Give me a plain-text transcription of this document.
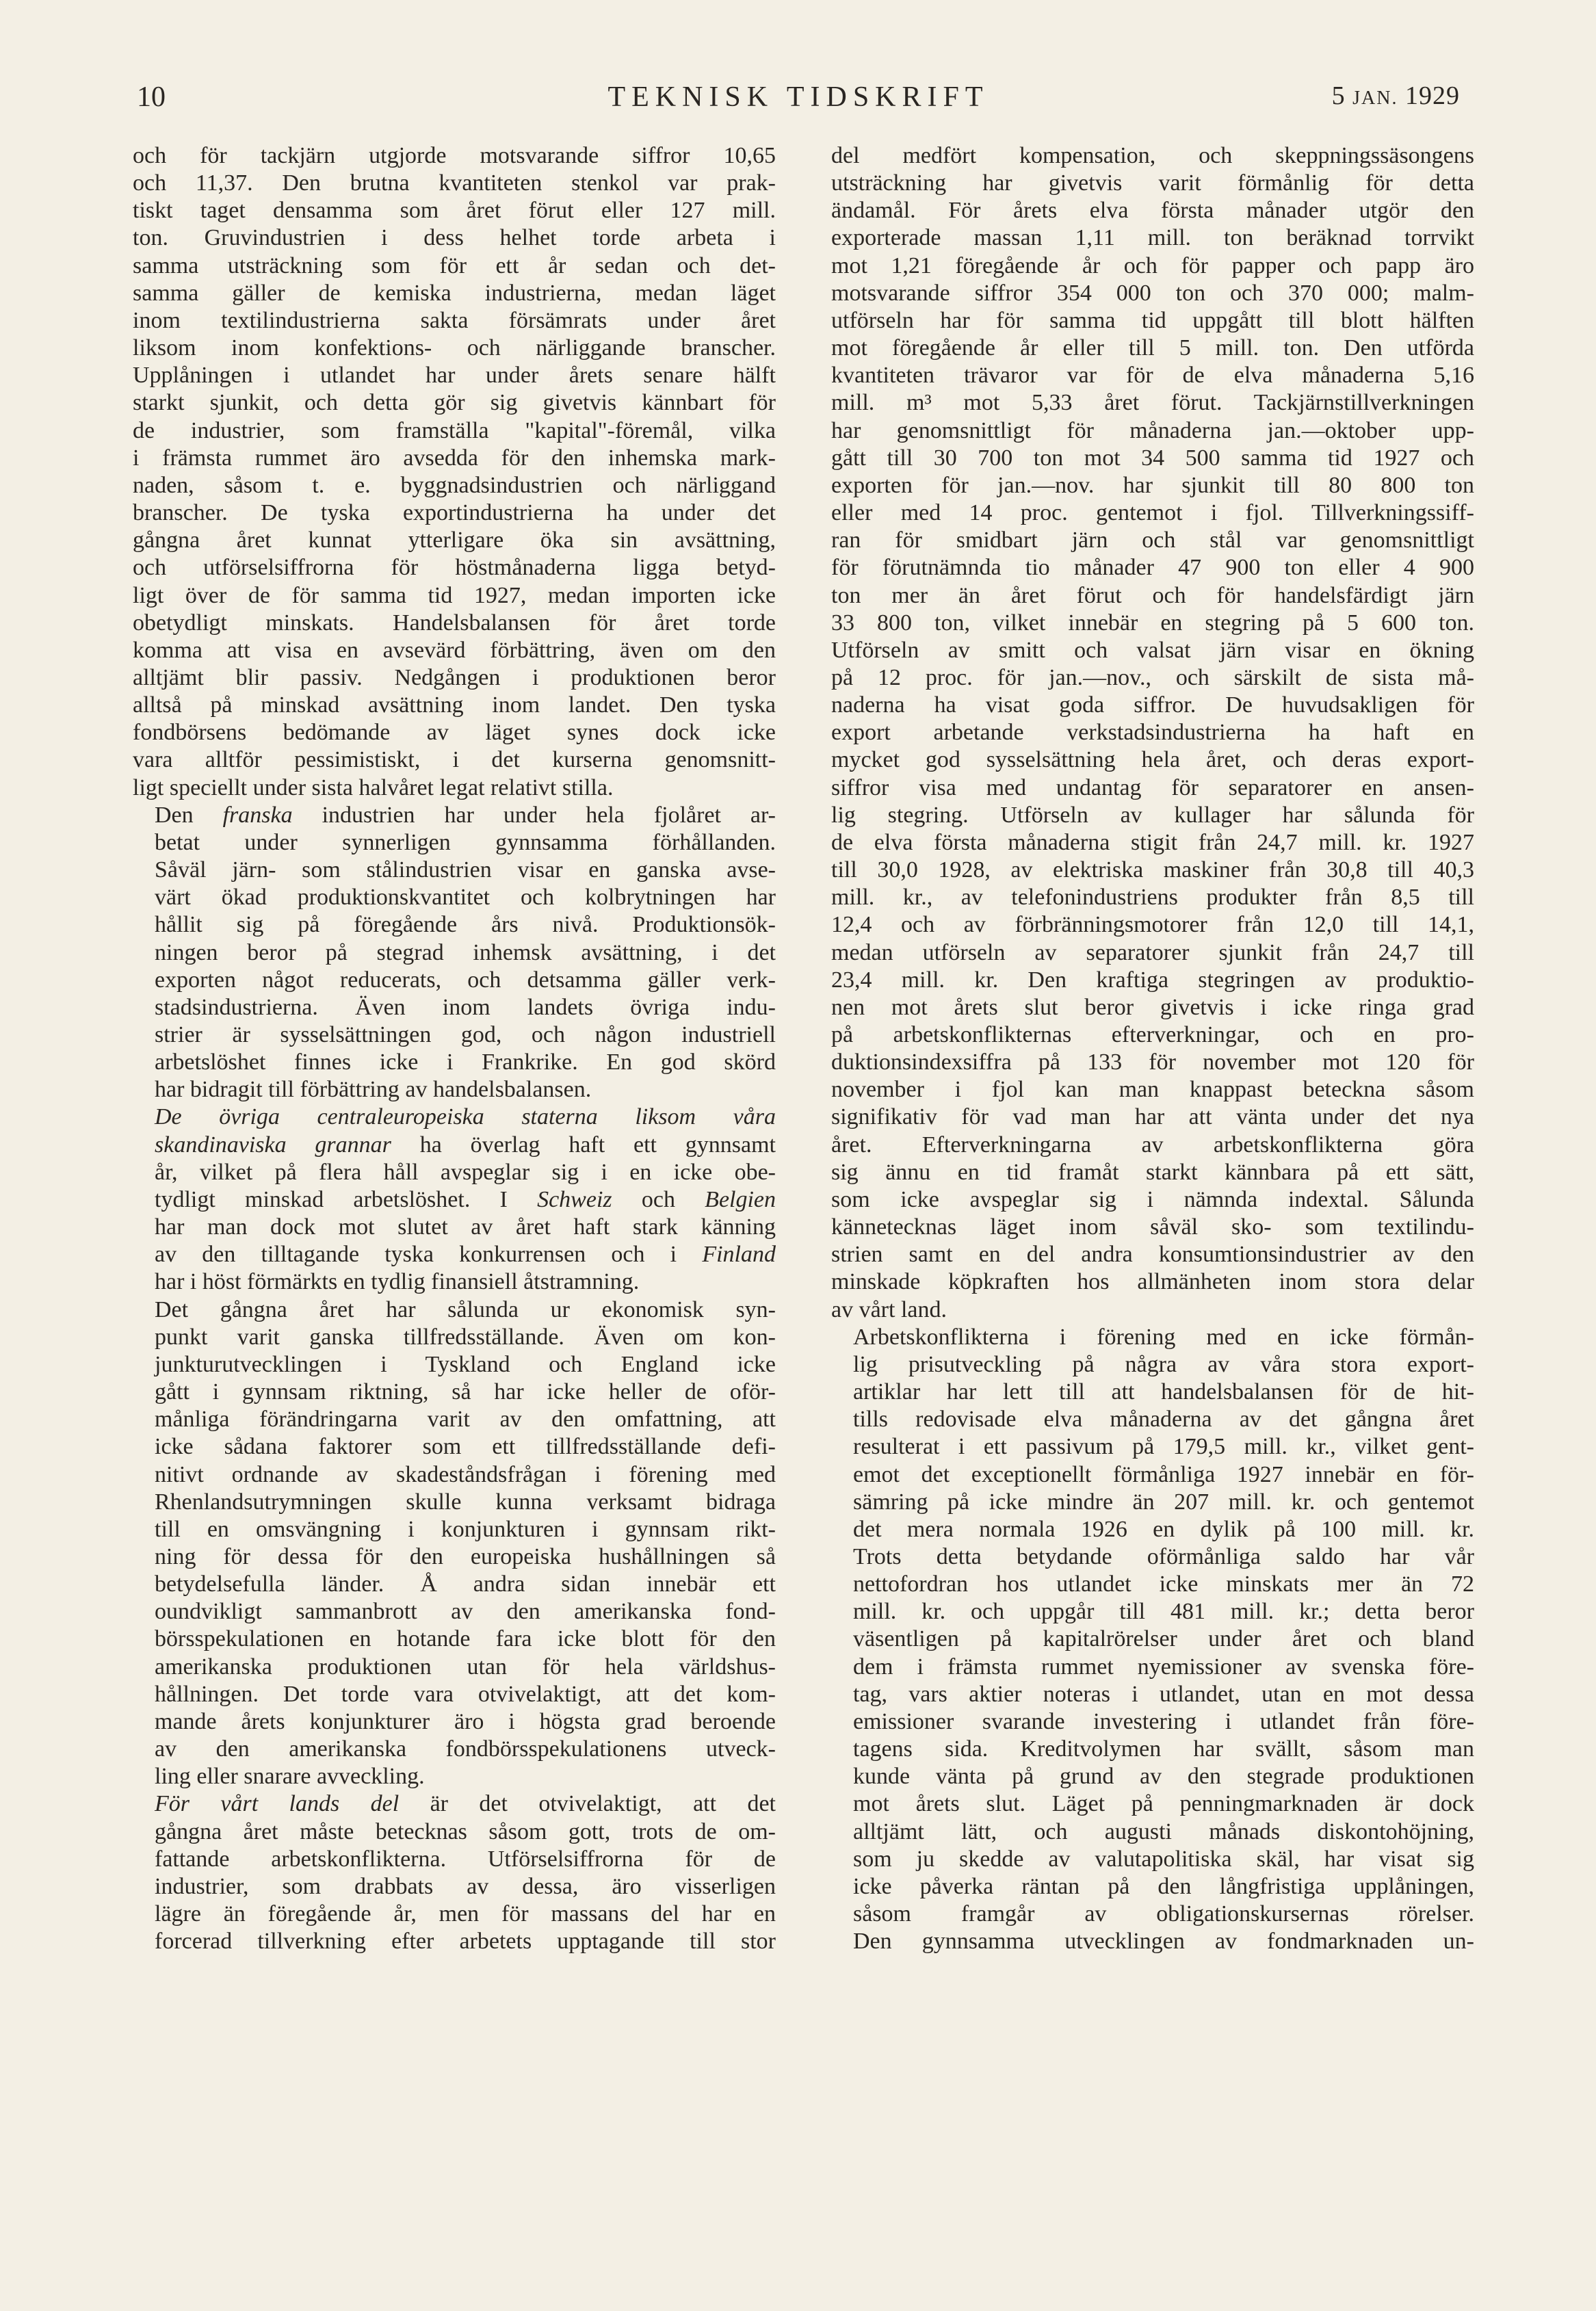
10	TEKNISK TIDSKRIFT	5 JAN. 1929

och för tackjärn utgjorde motsvarande siffror 10,65
och 11,37. Den brutna kvantiteten stenkol var prak-
tiskt taget densamma som året förut eller 127 mill.
ton. Gruvindustrien i dess helhet torde arbeta i
samma utsträckning som för ett år sedan och det-
samma gäller de kemiska industrierna, medan läget
inom textilindustrierna sakta försämrats under året
liksom inom konfektions- och närliggande branscher.
Upplåningen i utlandet har under årets senare hälft
starkt sjunkit, och detta gör sig givetvis kännbart för
de industrier, som framställa "kapital"-föremål, vilka
i främsta rummet äro avsedda för den inhemska mark-
naden, såsom t. e. byggnadsindustrien och närliggand
branscher. De tyska exportindustrierna ha under det
gångna året kunnat ytterligare öka sin avsättning,
och utförselsiffrorna för höstmånaderna ligga betyd-
ligt över de för samma tid 1927, medan importen icke
obetydligt minskats. Handelsbalansen för året torde
komma att visa en avsevärd förbättring, även om den
alltjämt blir passiv. Nedgången i produktionen beror
alltså på minskad avsättning inom landet. Den tyska
fondbörsens bedömande av läget synes dock icke
vara alltför pessimistiskt, i det kurserna genomsnitt-
ligt speciellt under sista halvåret legat relativt stilla.

Den franska industrien har under hela fjolåret ar-
betat under synnerligen gynnsamma förhållanden.
Såväl järn- som stålindustrien visar en ganska avse-
värt ökad produktionskvantitet och kolbrytningen har
hållit sig på föregående års nivå. Produktionsök-
ningen beror på stegrad inhemsk avsättning, i det
exporten något reducerats, och detsamma gäller verk-
stadsindustrierna. Även inom landets övriga indu-
strier är sysselsättningen god, och någon industriell
arbetslöshet finnes icke i Frankrike. En god skörd
har bidragit till förbättring av handelsbalansen.

De övriga centraleuropeiska staterna liksom våra
skandinaviska grannar ha överlag haft ett gynnsamt
år, vilket på flera håll avspeglar sig i en icke obe-
tydligt minskad arbetslöshet. I Schweiz och Belgien
har man dock mot slutet av året haft stark känning
av den tilltagande tyska konkurrensen och i Finland
har i höst förmärkts en tydlig finansiell åtstramning.

Det gångna året har sålunda ur ekonomisk syn-
punkt varit ganska tillfredsställande. Även om kon-
junkturutvecklingen i Tyskland och England icke
gått i gynnsam riktning, så har icke heller de oför-
månliga förändringarna varit av den omfattning, att
icke sådana faktorer som ett tillfredsställande defi-
nitivt ordnande av skadeståndsfrågan i förening med
Rhenlandsutrymningen skulle kunna verksamt bidraga
till en omsvängning i konjunkturen i gynnsam rikt-
ning för dessa för den europeiska hushållningen så
betydelsefulla länder. Å andra sidan innebär ett
oundvikligt sammanbrott av den amerikanska fond-
börsspekulationen en hotande fara icke blott för den
amerikanska produktionen utan för hela världshus-
hållningen. Det torde vara otvivelaktigt, att det kom-
mande årets konjunkturer äro i högsta grad beroende
av den amerikanska fondbörsspekulationens utveck-
ling eller snarare avveckling.

För vårt lands del är det otvivelaktigt, att det
gångna året måste betecknas såsom gott, trots de om-
fattande arbetskonflikterna. Utförselsiffrorna för de
industrier, som drabbats av dessa, äro visserligen
lägre än föregående år, men för massans del har en
forcerad tillverkning efter arbetets upptagande till stor

del medfört kompensation, och skeppningssäsongens
utsträckning har givetvis varit förmånlig för detta
ändamål. För årets elva första månader utgör den
exporterade massan 1,11 mill. ton beräknad torrvikt
mot 1,21 föregående år och för papper och papp äro
motsvarande siffror 354 000 ton och 370 000; malm-
utförseln har för samma tid uppgått till blott hälften
mot föregående år eller till 5 mill. ton. Den utförda
kvantiteten trävaror var för de elva månaderna 5,16
mill. m³ mot 5,33 året förut. Tackjärnstillverkningen
har genomsnittligt för månaderna jan.—oktober upp-
gått till 30 700 ton mot 34 500 samma tid 1927 och
exporten för jan.—nov. har sjunkit till 80 800 ton
eller med 14 proc. gentemot i fjol. Tillverkningssiff-
ran för smidbart järn och stål var genomsnittligt
för förutnämnda tio månader 47 900 ton eller 4 900
ton mer än året förut och för handelsfärdigt järn
33 800 ton, vilket innebär en stegring på 5 600 ton.
Utförseln av smitt och valsat järn visar en ökning
på 12 proc. för jan.—nov., och särskilt de sista må-
naderna ha visat goda siffror. De huvudsakligen för
export arbetande verkstadsindustrierna ha haft en
mycket god sysselsättning hela året, och deras export-
siffror visa med undantag för separatorer en ansen-
lig stegring. Utförseln av kullager har sålunda för
de elva första månaderna stigit från 24,7 mill. kr. 1927
till 30,0 1928, av elektriska maskiner från 30,8 till 40,3
mill. kr., av telefonindustriens produkter från 8,5 till
12,4 och av förbränningsmotorer från 12,0 till 14,1,
medan utförseln av separatorer sjunkit från 24,7 till
23,4 mill. kr. Den kraftiga stegringen av produktio-
nen mot årets slut beror givetvis i icke ringa grad
på arbetskonflikternas efterverkningar, och en pro-
duktionsindexsiffra på 133 för november mot 120 för
november i fjol kan man knappast beteckna såsom
signifikativ för vad man har att vänta under det nya
året. Efterverkningarna av arbetskonflikterna göra
sig ännu en tid framåt starkt kännbara på ett sätt,
som icke avspeglar sig i nämnda indextal. Sålunda
kännetecknas läget inom såväl sko- som textilindu-
strien samt en del andra konsumtionsindustrier av den
minskade köpkraften hos allmänheten inom stora delar
av vårt land.

Arbetskonflikterna i förening med en icke förmån-
lig prisutveckling på några av våra stora export-
artiklar har lett till att handelsbalansen för de hit-
tills redovisade elva månaderna av det gångna året
resulterat i ett passivum på 179,5 mill. kr., vilket gent-
emot det exceptionellt förmånliga 1927 innebär en för-
sämring på icke mindre än 207 mill. kr. och gentemot
det mera normala 1926 en dylik på 100 mill. kr.
Trots detta betydande oförmånliga saldo har vår
nettofordran hos utlandet icke minskats mer än 72
mill. kr. och uppgår till 481 mill. kr.; detta beror
väsentligen på kapitalrörelser under året och bland
dem i främsta rummet nyemissioner av svenska före-
tag, vars aktier noteras i utlandet, utan en mot dessa
emissioner svarande investering i utlandet från före-
tagens sida. Kreditvolymen har svällt, såsom man
kunde vänta på grund av den stegrade produktionen
mot årets slut. Läget på penningmarknaden är dock
alltjämt lätt, och augusti månads diskontohöjning,
som ju skedde av valutapolitiska skäl, har visat sig
icke påverka räntan på den långfristiga upplåningen,
såsom framgår av obligationskursernas rörelser.
Den gynnsamma utvecklingen av fondmarknaden un-
